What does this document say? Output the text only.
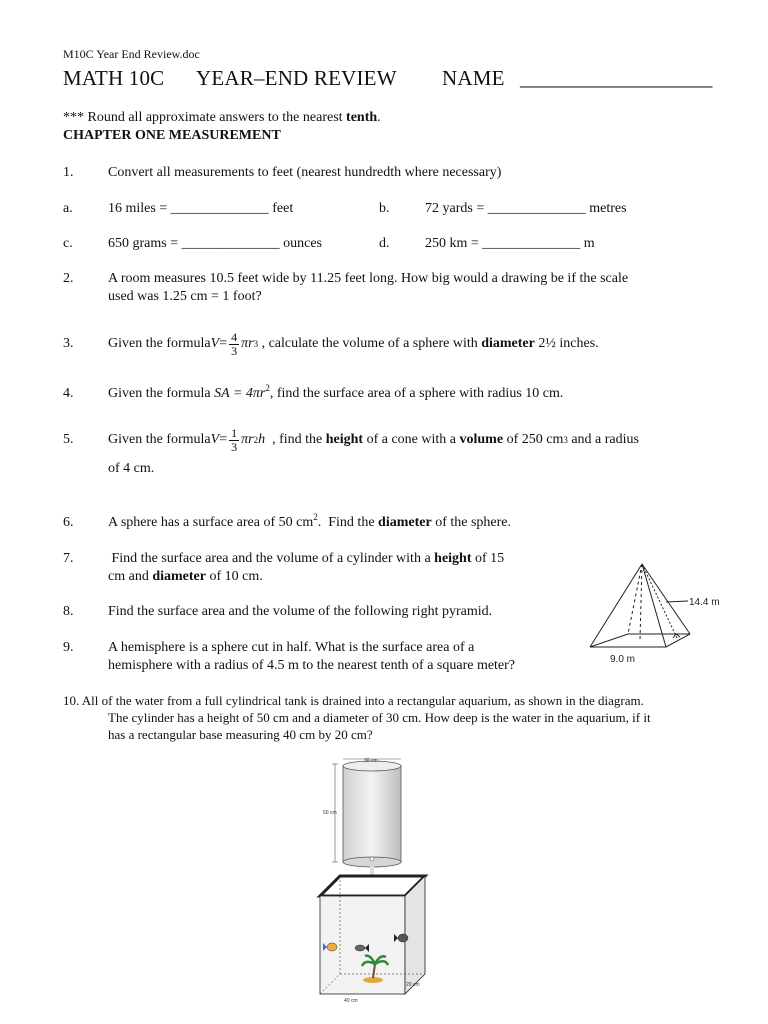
M10C Year End Review.doc
MATH 10C YEAR–END REVIEW NAME __________________
*** Round all approximate answers to the nearest tenth.
CHAPTER ONE MEASUREMENT
1. Convert all measurements to feet (nearest hundredth where necessary)
a.	16 miles = ______________ feet	b.	72 yards = ______________ metres
c.	650 grams = ______________ ounces	d.	250 km = ______________ m
2. A room measures 10.5 feet wide by 11.25 feet long. How big would a drawing be if the scale
used was 1.25 cm = 1 foot?
3. Given the formula $V = \frac{4}{3}$ πr 3 , calculate the volume of a sphere with diameter 2½ inches.
4. Given the formula SA = $4\pi r^2$, find the surface area of a sphere with radius 10 cm.
5. Given the formula $V = \frac{1}{3}$ πr 2 h , find the height of a cone with a volume of 250 cm 3 and a radius
of 4 cm.
6. A sphere has a surface area of 50 $cm^2$.  Find the diameter of the sphere.
7. Find the surface area and the volume of a cylinder with a height of 15
cm and diameter of 10 cm.
8. Find the surface area and the volume of the following right pyramid.
9. A hemisphere is a sphere cut in half. What is the surface area of a
hemisphere with a radius of 4.5 m to the nearest tenth of a square meter?
14.4 m
9.0 m
10. All of the water from a full cylindrical tank is drained into a rectangular aquarium, as shown in the diagram.
The cylinder has a height of 50 cm and a diameter of 30 cm. How deep is the water in the aquarium, if it
has a rectangular base measuring 40 cm by 20 cm?
30 cm
50 cm
20 cm
40 cm
